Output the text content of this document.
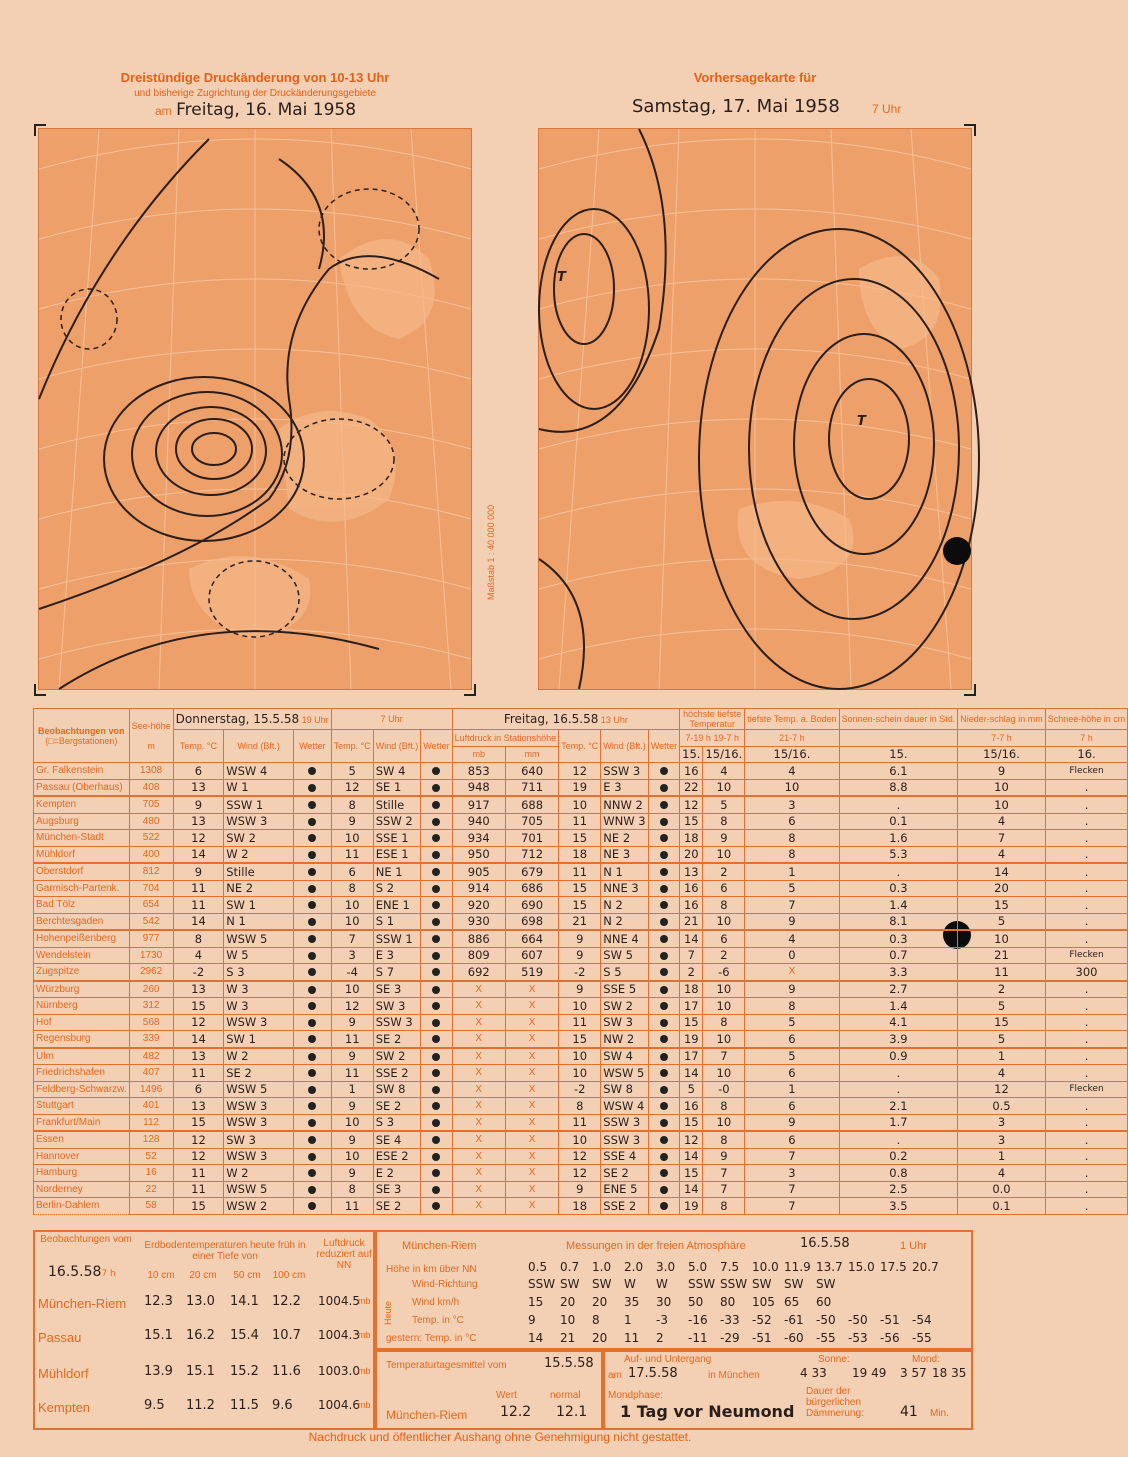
Dreistündige Druckänderung von 10-13 Uhr
und bisherige Zugrichtung der Druckänderungsgebiete
am Freitag, 16. Mai 1958
Vorhersagekarte für
Samstag, 17. Mai 1958	7 Uhr
T
T
Maßstab 1 : 40 000 000
Beobachtungen von
(□=Bergstationen)	See-höhe

m	Donnerstag, 15.5.58 19 Uhr			7 Uhr			Freitag, 16.5.58 13 Uhr					höchste tiefste
Temperatur		tiefste Temp. a. Boden	Sonnen-schein dauer in Std.	Nieder-schlag in mm	Schnee-höhe in cm
		Temp. °C	Wind (Bft.)	Wetter	Temp. °C	Wind (Bft.)	Wetter	Luftdruck in Stationshöhe		Temp. °C	Wind (Bft.)	Wetter	7-19 h 19-7 h		21-7 h		7-7 h	7 h
								mb	mm				15.	15/16.	15/16.	15.	15/16.	16.
Gr. Falkenstein	1308	6	WSW 4		5	SW 4		853	640	12	SSW 3		16	4	4	6.1	9	Flecken
Passau (Oberhaus)	408	13	W 1		12	SE 1		948	711	19	E 3		22	10	10	8.8	10	.
Kempten	705	9	SSW 1		8	Stille		917	688	10	NNW 2		12	5	3	.	10	.
Augsburg	480	13	WSW 3		9	SSW 2		940	705	11	WNW 3		15	8	6	0.1	4	.
München-Stadt	522	12	SW 2		10	SSE 1		934	701	15	NE 2		18	9	8	1.6	7	.
Mühldorf	400	14	W 2		11	ESE 1		950	712	18	NE 3		20	10	8	5.3	4	.
Oberstdorf	812	9	Stille		6	NE 1		905	679	11	N 1		13	2	1	.	14	.
Garmisch-Partenk.	704	11	NE 2		8	S 2		914	686	15	NNE 3		16	6	5	0.3	20	.
Bad Tölz	654	11	SW 1		10	ENE 1		920	690	15	N 2		16	8	7	1.4	15	.
Berchtesgaden	542	14	N 1		10	S 1		930	698	21	N 2		21	10	9	8.1	5	.
Hohenpeißenberg	977	8	WSW 5		7	SSW 1		886	664	9	NNE 4		14	6	4	0.3	10	.
Wendelstein	1730	4	W 5		3	E 3		809	607	9	SW 5		7	2	0	0.7	21	Flecken
Zugspitze	2962	-2	S 3		-4	S 7		692	519	-2	S 5		2	-6	X	3.3	11	300
Würzburg	260	13	W 3		10	SE 3		X	X	9	SSE 5		18	10	9	2.7	2	.
Nürnberg	312	15	W 3		12	SW 3		X	X	10	SW 2		17	10	8	1.4	5	.
Hof	568	12	WSW 3		9	SSW 3		X	X	11	SW 3		15	8	5	4.1	15	.
Regensburg	339	14	SW 1		11	SE 2		X	X	15	NW 2		19	10	6	3.9	5	.
Ulm	482	13	W 2		9	SW 2		X	X	10	SW 4		17	7	5	0.9	1	.
Friedrichshafen	407	11	SE 2		11	SSE 2		X	X	10	WSW 5		14	10	6	.	4	.
Feldberg-Schwarzw.	1496	6	WSW 5		1	SW 8		X	X	-2	SW 8		5	-0	1	.	12	Flecken
Stuttgart	401	13	WSW 3		9	SE 2		X	X	8	WSW 4		16	8	6	2.1	0.5	.
Frankfurt/Main	112	15	WSW 3		10	S 3		X	X	11	SSW 3		15	10	9	1.7	3	.
Essen	128	12	SW 3		9	SE 4		X	X	10	SSW 3		12	8	6	.	3	.
Hannover	52	12	WSW 3		10	ESE 2		X	X	12	SSE 4		14	9	7	0.2	1	.
Hamburg	16	11	W 2		9	E 2		X	X	12	SE 2		15	7	3	0.8	4	.
Norderney	22	11	WSW 5		8	SE 3		X	X	9	ENE 5		14	7	7	2.5	0.0	.
Berlin-Dahlem	58	15	WSW 2		11	SE 2		X	X	18	SSE 2		19	8	7	3.5	0.1	.
Beobachtungen vom
16.5.587 h
Erdbodentemperaturen heute früh in einer Tiefe von
Luftdruck reduziert auf NN
10 cm	20 cm	50 cm	100 cm
München-Riem 12.3 13.0 14.1 12.2 1004.5
mb
Passau	15.1 16.2 15.4 10.7 1004.3
mb
Mühldorf	13.9 15.1 15.2 11.6 1003.0
mb
Kempten	9.5 11.2 11.5 9.6 1004.6
mb
München-Riem	Messungen in der freien Atmosphäre	16.5.58	1 Uhr
Höhe in km über NN
Heute
Wind-Richtung
Wind km/h
Temp. in °C
gestern: Temp. in °C
0.5 0.7 1.0 2.0 3.0 5.0 7.5 10.0 11.9 13.7 15.0 17.5 20.7
SSW SW SW W W SSW SSW SW SW SW
15 20 20 35 30 50 80 105 65 60
9 10 8 1 -3 -16 -33 -52 -61 -50 -50 -51 -54
14 21 20 11 2 -11 -29 -51 -60 -55 -53 -56 -55
Temperaturtagesmittel vom	15.5.58
Wert	normal
München-Riem 12.2 12.1
Auf- und Untergang
am 17.5.58	in München
Sonne:	Mond:
4 33 19 49 3 57 18 35
Mondphase:
1 Tag vor Neumond
Dauer der bürgerlichen Dämmerung:	41 Min.
Nachdruck und öffentlicher Aushang ohne Genehmigung nicht gestattet.
